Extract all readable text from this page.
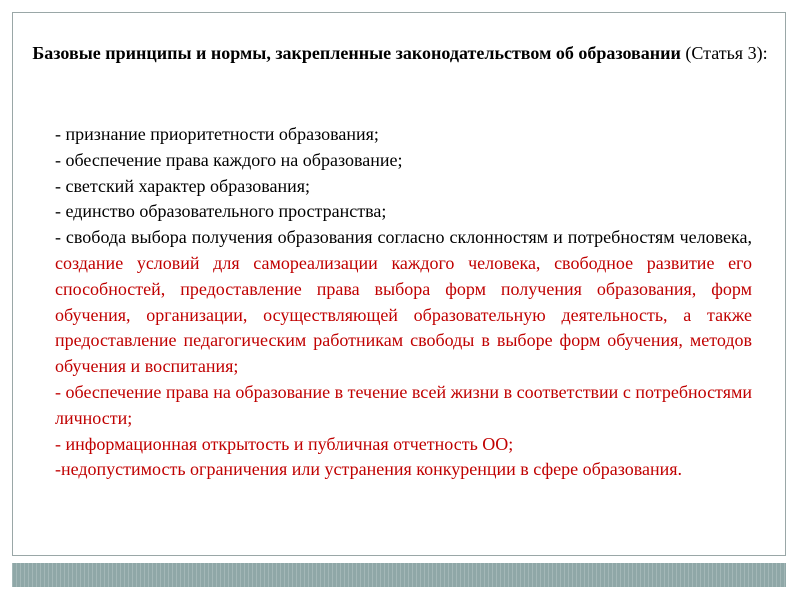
Базовые принципы и нормы, закрепленные законодательством об образовании (Статья 3):

- признание приоритетности образования;

- обеспечение права каждого на образование;

- светский характер образования;

- единство образовательного пространства;

- свобода выбора получения образования согласно склонностям и потребностям человека, создание условий для самореализации каждого человека, свободное развитие его способностей, предоставление права выбора форм получения образования, форм обучения, организации, осуществляющей образовательную деятельность, а также предоставление педагогическим работникам свободы в выборе форм обучения, методов обучения и воспитания;

- обеспечение права на образование в течение всей жизни в соответствии с потребностями личности;

- информационная открытость и публичная отчетность ОО;

-недопустимость ограничения или устранения конкуренции в сфере образования.
